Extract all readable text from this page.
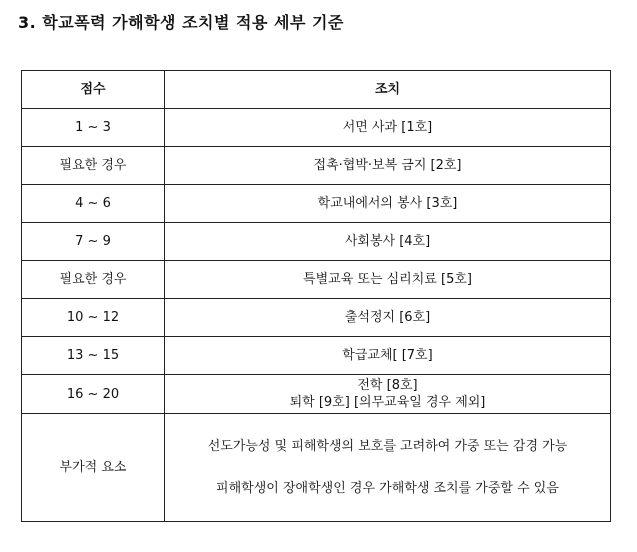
3. 학교폭력 가해학생 조치별 적용 세부 기준
점수	조치
1 ~ 3	서면 사과 [1호]
필요한 경우	접촉·협박·보복 금지 [2호]
4 ~ 6	학교내에서의 봉사 [3호]
7 ~ 9	사회봉사 [4호]
필요한 경우	특별교육 또는 심리치료 [5호]
10 ~ 12	출석정지 [6호]
13 ~ 15	학급교체[ [7호]
16 ~ 20	전학 [8호]
퇴학 [9호] [의무교육일 경우 제외]

부가적 요소	선도가능성 및 피해학생의 보호를 고려하여 가중 또는 감경 가능
피해학생이 장애학생인 경우 가해학생 조치를 가중할 수 있음
